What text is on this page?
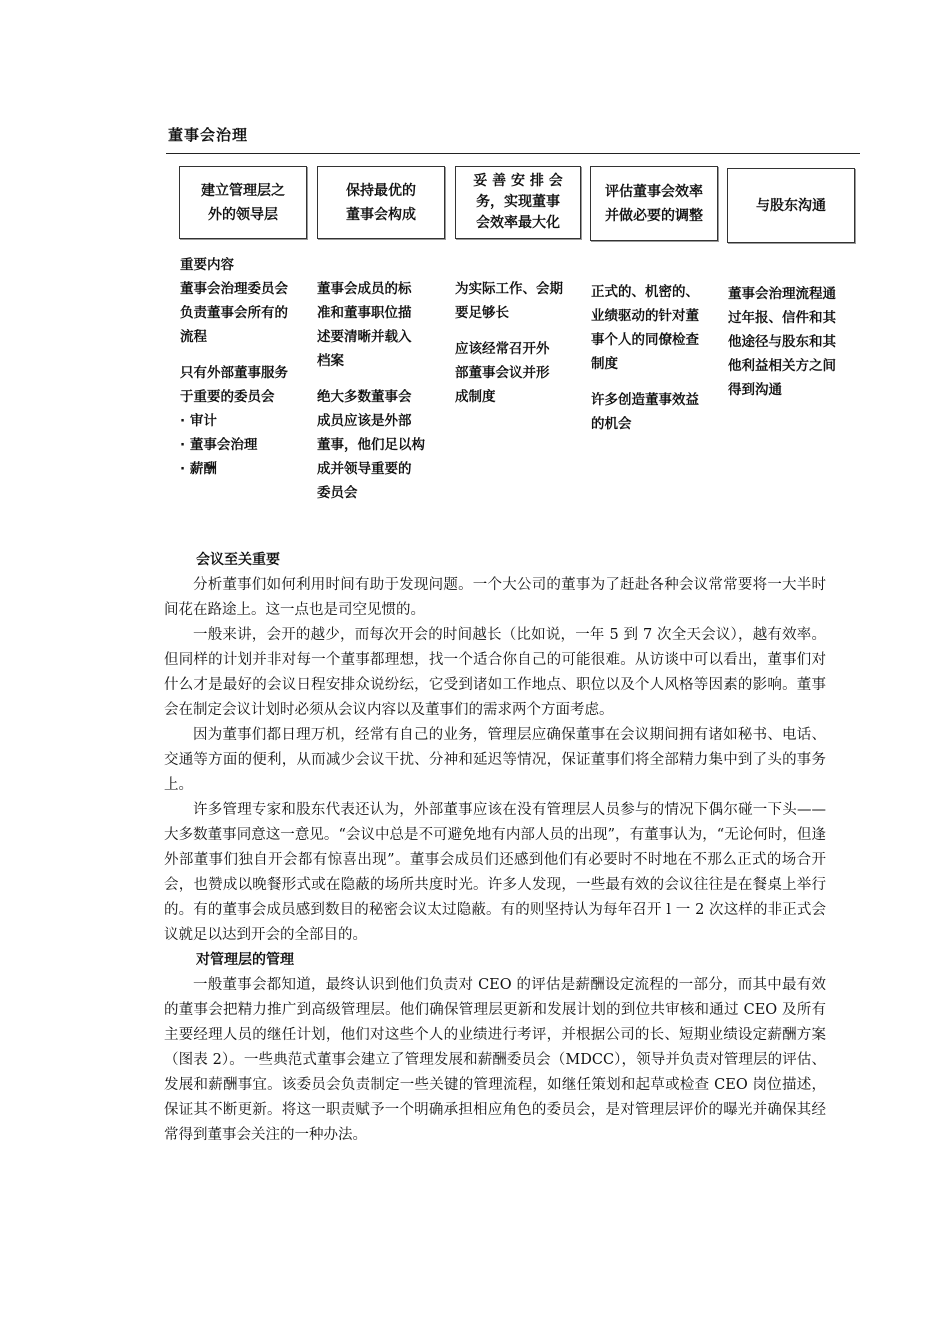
董事会治理
建立管理层之
外的领导层
保持最优的
董事会构成
妥 善 安 排 会
务，实现董事
会效率最大化
评估董事会效率
并做必要的调整
与股东沟通

重要内容

董事会治理委员会

负责董事会所有的

流程

只有外部董事服务

于重要的委员会

· 审计

· 董事会治理

· 薪酬

董事会成员的标

准和董事职位描

述要清晰并载入

档案

绝大多数董事会

成员应该是外部

董事，他们足以构

成并领导重要的

委员会

为实际工作、会期

要足够长

应该经常召开外

部董事会议并形

成制度

正式的、机密的、

业绩驱动的针对董

事个人的同僚检查

制度

许多创造董事效益

的机会

董事会治理流程通

过年报、信件和其

他途径与股东和其

他利益相关方之间

得到沟通

会议至关重要

分析董事们如何利用时间有助于发现问题。一个大公司的董事为了赶赴各种会议常常要将一大半时间花在路途上。这一点也是司空见惯的。

一般来讲，会开的越少，而每次开会的时间越长（比如说，一年 5 到 7 次全天会议），越有效率。但同样的计划并非对每一个董事都理想，找一个适合你自己的可能很难。从访谈中可以看出，董事们对什么才是最好的会议日程安排众说纷纭，它受到诸如工作地点、职位以及个人风格等因素的影响。董事会在制定会议计划时必须从会议内容以及董事们的需求两个方面考虑。

因为董事们都日理万机，经常有自己的业务，管理层应确保董事在会议期间拥有诸如秘书、电话、交通等方面的便利，从而减少会议干扰、分神和延迟等情况，保证董事们将全部精力集中到了头的事务上。

许多管理专家和股东代表还认为，外部董事应该在没有管理层人员参与的情况下偶尔碰一下头——大多数董事同意这一意见。“会议中总是不可避免地有内部人员的出现”，有董事认为，“无论何时，但逢外部董事们独自开会都有惊喜出现”。董事会成员们还感到他们有必要时不时地在不那么正式的场合开会，也赞成以晚餐形式或在隐蔽的场所共度时光。许多人发现，一些最有效的会议往往是在餐桌上举行的。有的董事会成员感到数目的秘密会议太过隐蔽。有的则坚持认为每年召开 l 一 2 次这样的非正式会议就足以达到开会的全部目的。

对管理层的管理

一般董事会都知道，最终认识到他们负责对 CEO 的评估是薪酬设定流程的一部分，而其中最有效的董事会把精力推广到高级管理层。他们确保管理层更新和发展计划的到位共审核和通过 CEO 及所有主要经理人员的继任计划，他们对这些个人的业绩进行考评，并根据公司的长、短期业绩设定薪酬方案（图表 2）。一些典范式董事会建立了管理发展和薪酬委员会（MDCC），领导并负责对管理层的评估、发展和薪酬事宜。该委员会负责制定一些关键的管理流程，如继任策划和起草或检查 CEO 岗位描述，保证其不断更新。将这一职责赋予一个明确承担相应角色的委员会，是对管理层评价的曝光并确保其经常得到董事会关注的一种办法。
